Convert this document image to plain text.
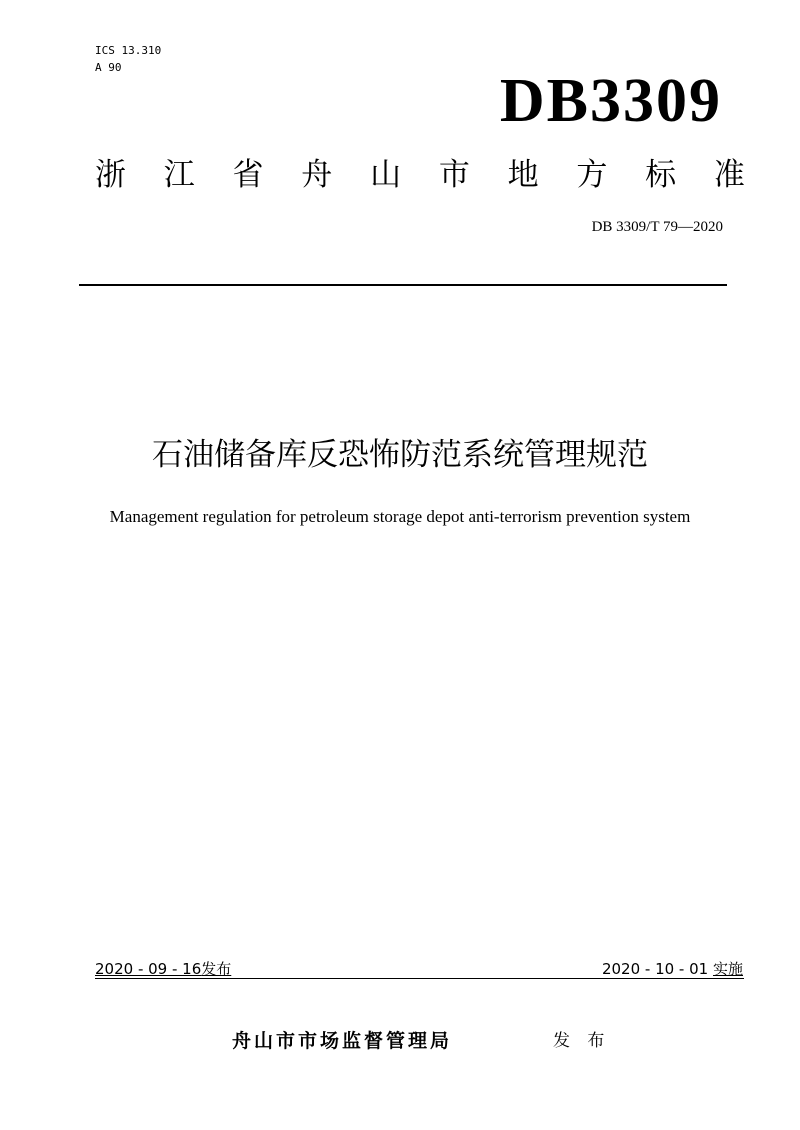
ICS 13.310
A 90	DB3309
浙 江 省 舟 山 市 地 方 标 准
DB 3309/T 79—2020
石油储备库反恐怖防范系统管理规范
Management regulation for petroleum storage depot anti-terrorism prevention system
2020 - 09 - 16发布	2020 - 10 - 01 实施
舟山市市场监督管理局	发 布
